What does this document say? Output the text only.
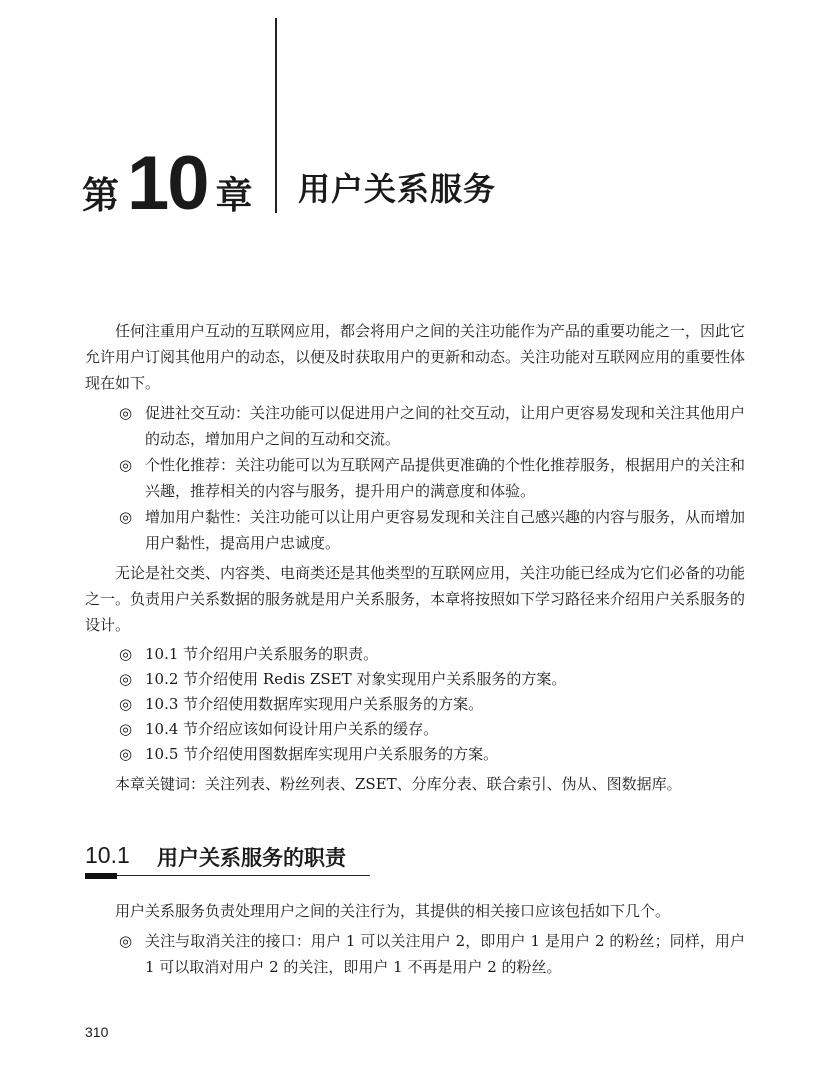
第 10 章 用户关系服务

任何注重用户互动的互联网应用，都会将用户之间的关注功能作为产品的重要功能之一，因此它允许用户订阅其他用户的动态，以便及时获取用户的更新和动态。关注功能对互联网应用的重要性体现在如下。

◎ 促进社交互动：关注功能可以促进用户之间的社交互动，让用户更容易发现和关注其他用户的动态，增加用户之间的互动和交流。
◎ 个性化推荐：关注功能可以为互联网产品提供更准确的个性化推荐服务，根据用户的关注和兴趣，推荐相关的内容与服务，提升用户的满意度和体验。
◎ 增加用户黏性：关注功能可以让用户更容易发现和关注自己感兴趣的内容与服务，从而增加用户黏性，提高用户忠诚度。

无论是社交类、内容类、电商类还是其他类型的互联网应用，关注功能已经成为它们必备的功能之一。负责用户关系数据的服务就是用户关系服务，本章将按照如下学习路径来介绍用户关系服务的设计。

◎ 10.1 节介绍用户关系服务的职责。
◎ 10.2 节介绍使用 Redis ZSET 对象实现用户关系服务的方案。
◎ 10.3 节介绍使用数据库实现用户关系服务的方案。
◎ 10.4 节介绍应该如何设计用户关系的缓存。
◎ 10.5 节介绍使用图数据库实现用户关系服务的方案。

本章关键词：关注列表、粉丝列表、ZSET、分库分表、联合索引、伪从、图数据库。

10.1 用户关系服务的职责

用户关系服务负责处理用户之间的关注行为，其提供的相关接口应该包括如下几个。

◎ 关注与取消关注的接口：用户 1 可以关注用户 2，即用户 1 是用户 2 的粉丝；同样，用户 1 可以取消对用户 2 的关注，即用户 1 不再是用户 2 的粉丝。
310
